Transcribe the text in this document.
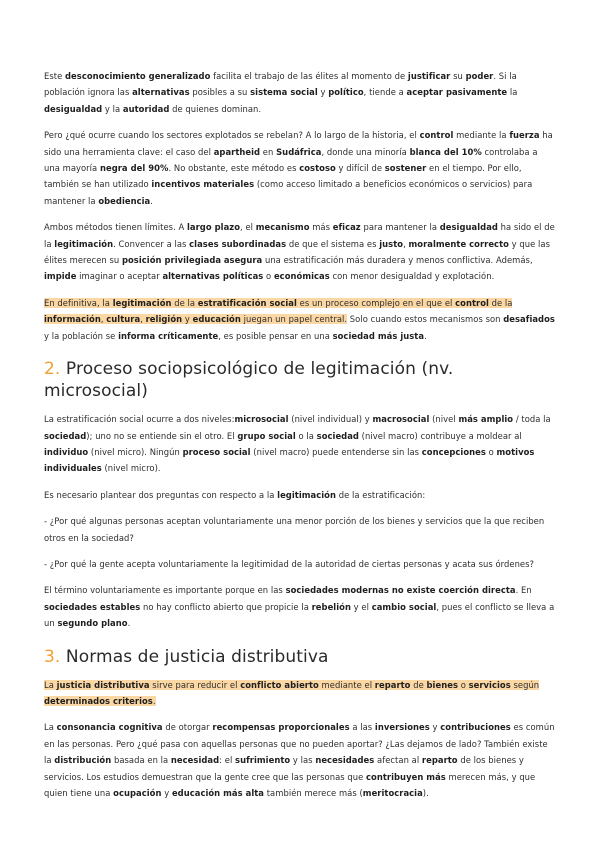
Este desconocimiento generalizado facilita el trabajo de las élites al momento de justificar su poder. Si la población ignora las alternativas posibles a su sistema social y político, tiende a aceptar pasivamente la desigualdad y la autoridad de quienes dominan.

Pero ¿qué ocurre cuando los sectores explotados se rebelan? A lo largo de la historia, el control mediante la fuerza ha sido una herramienta clave: el caso del apartheid en Sudáfrica, donde una minoría blanca del 10% controlaba a una mayoría negra del 90%. No obstante, este método es costoso y difícil de sostener en el tiempo. Por ello, también se han utilizado incentivos materiales (como acceso limitado a beneficios económicos o servicios) para mantener la obediencia.

Ambos métodos tienen límites. A largo plazo, el mecanismo más eficaz para mantener la desigualdad ha sido el de la legitimación. Convencer a las clases subordinadas de que el sistema es justo, moralmente correcto y que las élites merecen su posición privilegiada asegura una estratificación más duradera y menos conflictiva. Además, impide imaginar o aceptar alternativas políticas o económicas con menor desigualdad y explotación.

En definitiva, la legitimación de la estratificación social es un proceso complejo en el que el control de la información, cultura, religión y educación juegan un papel central. Solo cuando estos mecanismos son desafiados y la población se informa críticamente, es posible pensar en una sociedad más justa.

2. Proceso sociopsicológico de legitimación (nv. microsocial)

La estratificación social ocurre a dos niveles:microsocial (nivel individual) y macrosocial (nivel más amplio / toda la sociedad); uno no se entiende sin el otro. El grupo social o la sociedad (nivel macro) contribuye a moldear al individuo (nivel micro). Ningún proceso social (nivel macro) puede entenderse sin las concepciones o motivos individuales (nivel micro).

Es necesario plantear dos preguntas con respecto a la legitimación de la estratificación:

- ¿Por qué algunas personas aceptan voluntariamente una menor porción de los bienes y servicios que la que reciben otros en la sociedad?

- ¿Por qué la gente acepta voluntariamente la legitimidad de la autoridad de ciertas personas y acata sus órdenes?

El término voluntariamente es importante porque en las sociedades modernas no existe coerción directa. En sociedades estables no hay conflicto abierto que propicie la rebelión y el cambio social, pues el conflicto se lleva a un segundo plano.

3. Normas de justicia distributiva

La justicia distributiva sirve para reducir el conflicto abierto mediante el reparto de bienes o servicios según determinados criterios.

La consonancia cognitiva de otorgar recompensas proporcionales a las inversiones y contribuciones es común en las personas. Pero ¿qué pasa con aquellas personas que no pueden aportar? ¿Las dejamos de lado? También existe la distribución basada en la necesidad: el sufrimiento y las necesidades afectan al reparto de los bienes y servicios. Los estudios demuestran que la gente cree que las personas que contribuyen más merecen más, y que quien tiene una ocupación y educación más alta también merece más (meritocracia).
